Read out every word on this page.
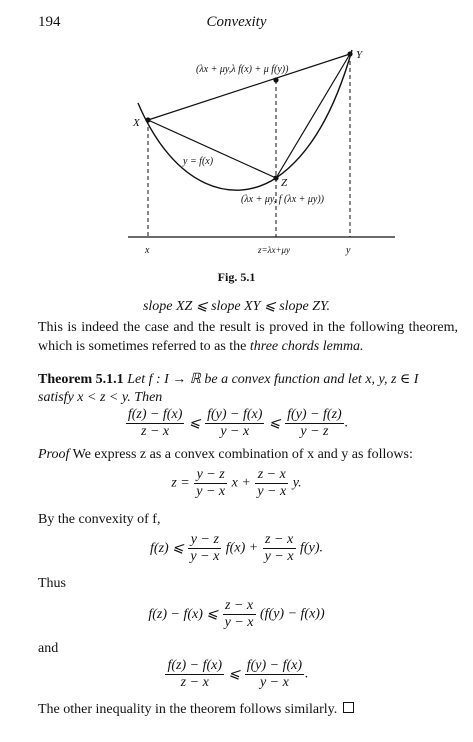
194	Convexity
(λx + μy,λ f(x) + μ f(y))
Y
X
y = f(x)
Z
(λx + μy, f (λx + μy))
x	z=λx+μy	y
Fig. 5.1
slope XZ ⩽ slope XY ⩽ slope ZY.
This is indeed the case and the result is proved in the following theorem,
which is sometimes referred to as the three chords lemma.
Theorem 5.1.1 Let f : I → ℝ be a convex function and let x, y, z ∈ I
satisfy x < z < y. Then
$\frac{f(z) - f(x)}{z - x}$ ⩽ $\frac{f(y) - f(x)}{y - x}$ ⩽ $\frac{f(y) - f(z)}{y - z}$ .
Proof We express z as a convex combination of x and y as follows:
$z = \frac{y - z}{y - x}$ $x + \frac{z - x}{y - x} y$.
By the convexity of f,
f(z) ⩽ $\frac{y - z}{y - x} f(x) + \frac{z - x}{y - x} f(y)$.
Thus
f(z) − f(x) ⩽ $\frac{z - x}{y - x} (f(y) - f(x))$
and
$\frac{f(z) - f(x)}{z - x}$ ⩽ $\frac{f(y) - f(x)}{y - x}$ .
The other inequality in the theorem follows similarly.
